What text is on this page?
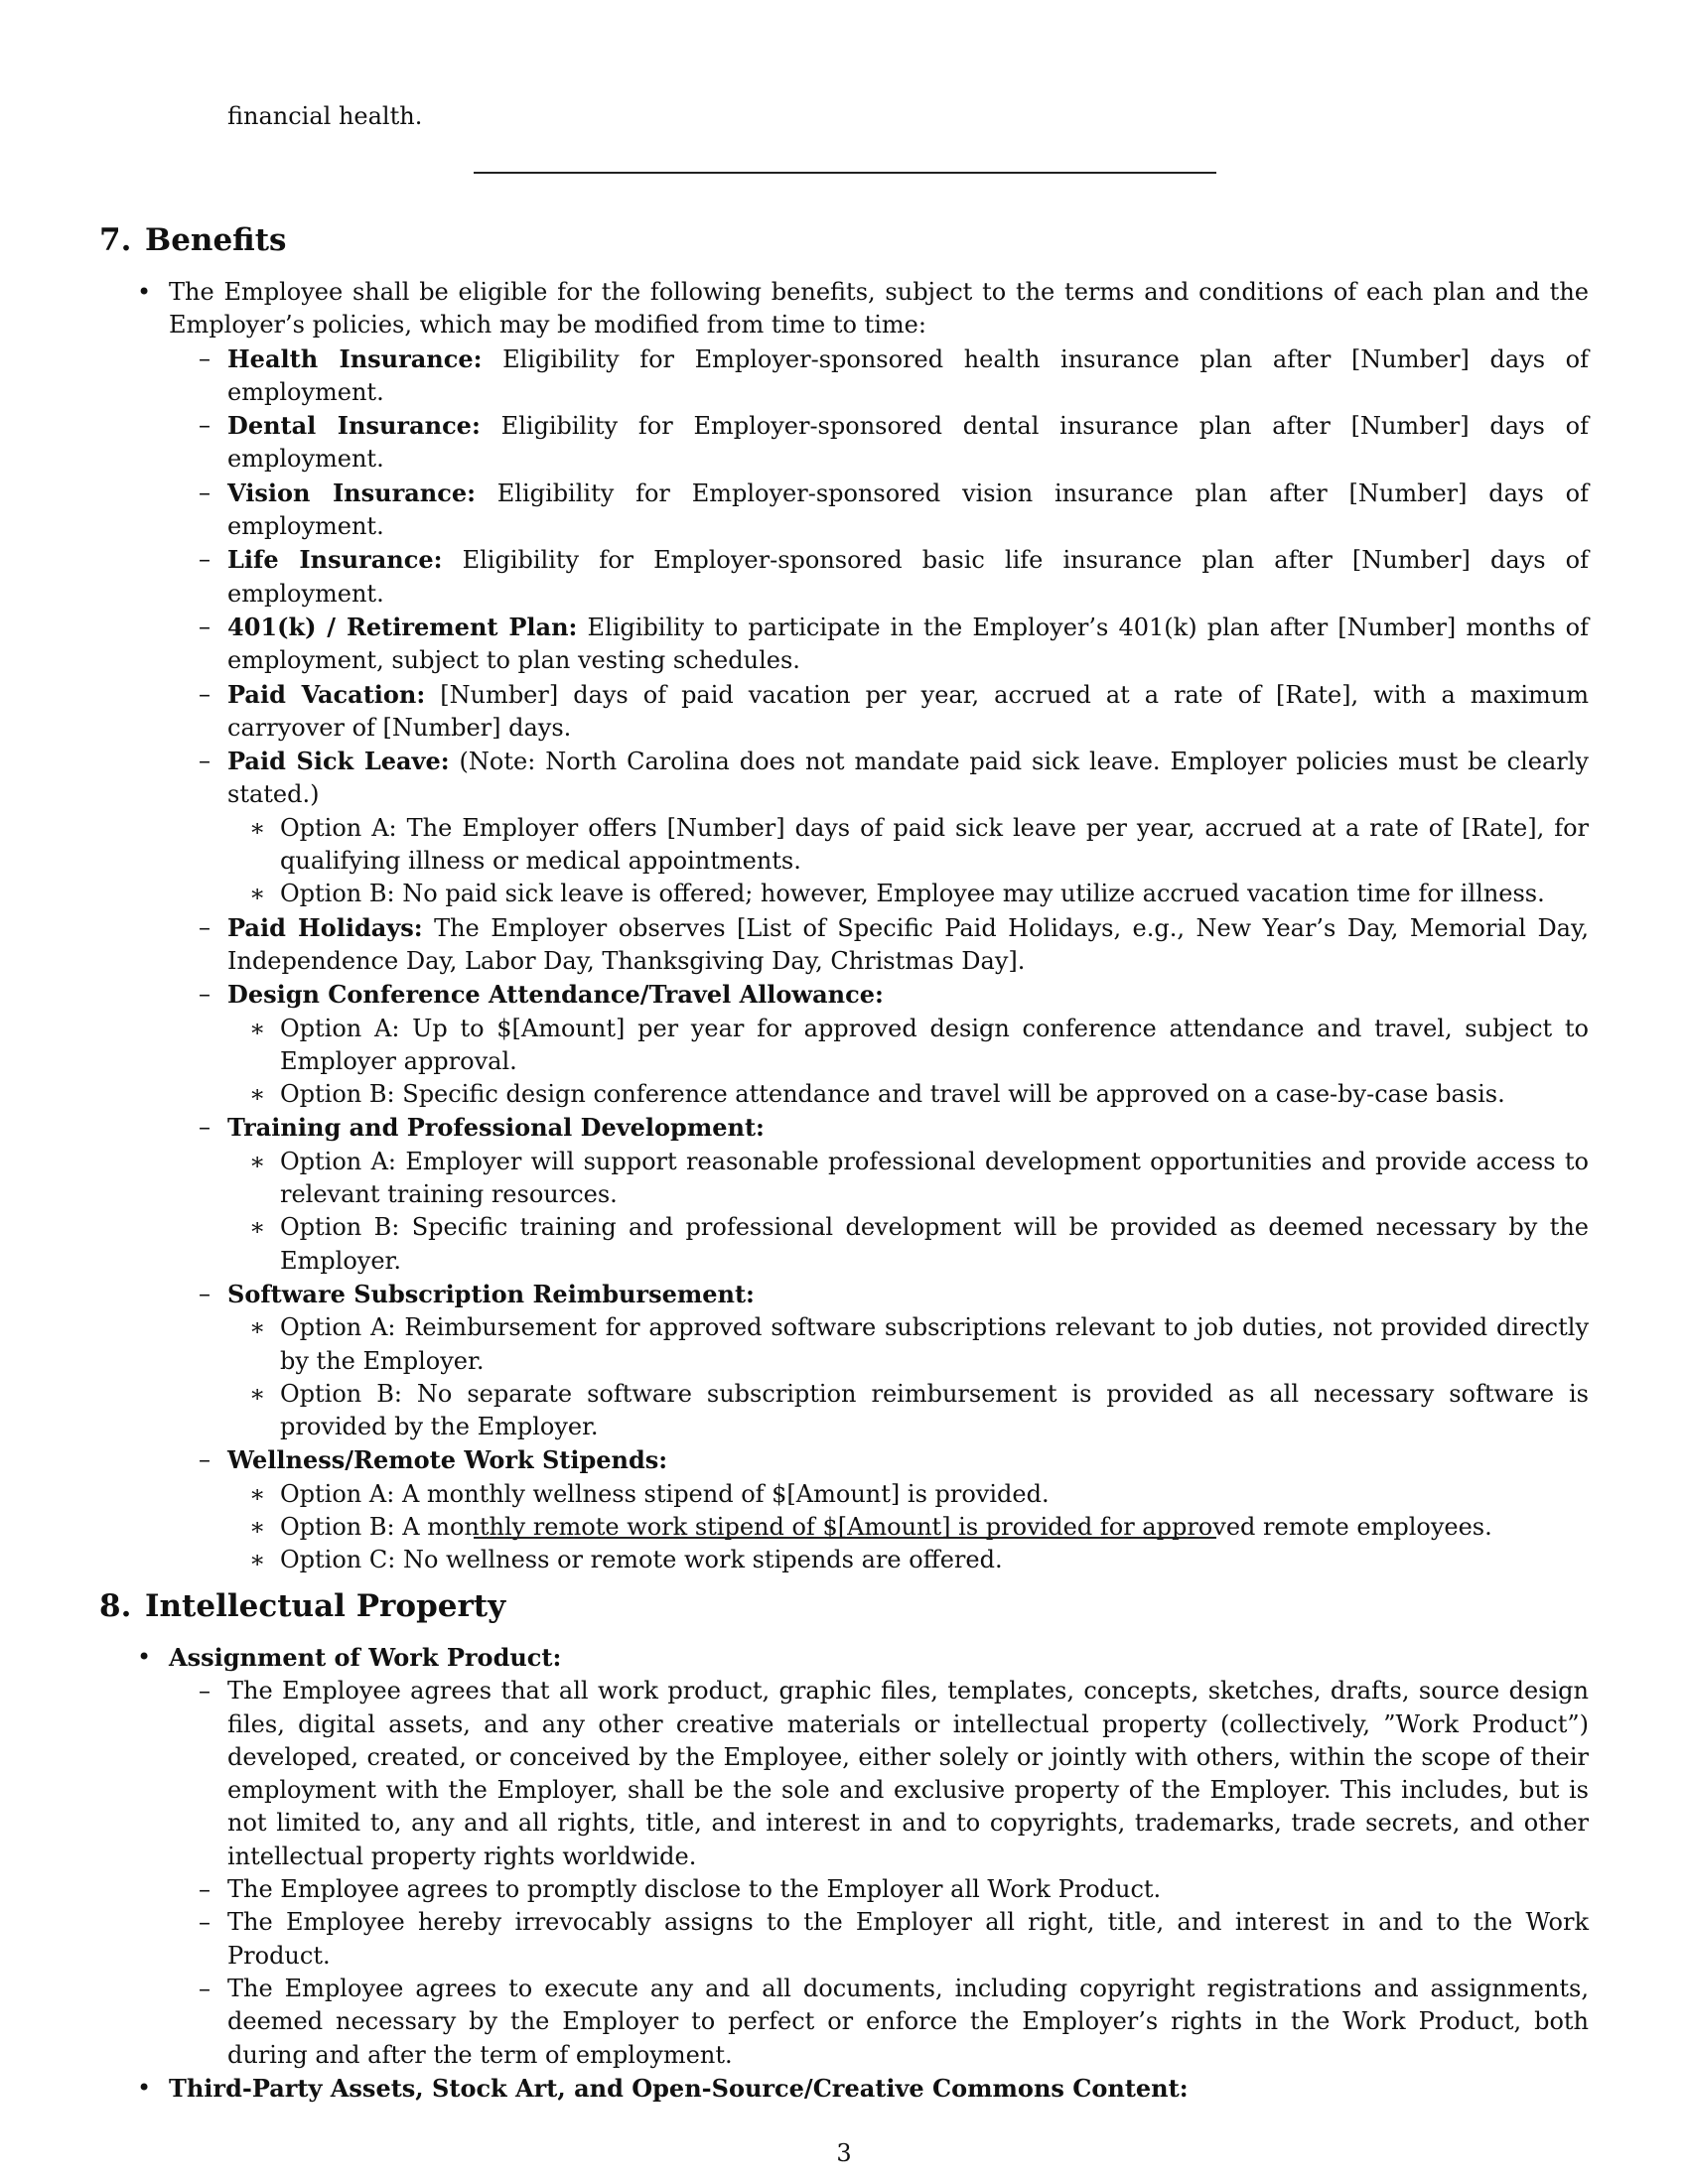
financial health.
7. Benefits
• The Employee shall be eligible for the following benefits, subject to the terms and conditions of each plan and the Employer’s policies, which may be modified from time to time:
– Health Insurance: Eligibility for Employer-sponsored health insurance plan after [Number] days of employment.
– Dental Insurance: Eligibility for Employer-sponsored dental insurance plan after [Number] days of employment.
– Vision Insurance: Eligibility for Employer-sponsored vision insurance plan after [Number] days of employment.
– Life Insurance: Eligibility for Employer-sponsored basic life insurance plan after [Number] days of employment.
– 401(k) / Retirement Plan: Eligibility to participate in the Employer’s 401(k) plan after [Number] months of employment, subject to plan vesting schedules.
– Paid Vacation: [Number] days of paid vacation per year, accrued at a rate of [Rate], with a maximum carryover of [Number] days.
– Paid Sick Leave: (Note: North Carolina does not mandate paid sick leave. Employer policies must be clearly stated.)
∗ Option A: The Employer offers [Number] days of paid sick leave per year, accrued at a rate of [Rate], for qualifying illness or medical appointments.
∗ Option B: No paid sick leave is offered; however, Employee may utilize accrued vacation time for illness.
– Paid Holidays: The Employer observes [List of Specific Paid Holidays, e.g., New Year’s Day, Memorial Day, Independence Day, Labor Day, Thanksgiving Day, Christmas Day].
– Design Conference Attendance/Travel Allowance:
∗ Option A: Up to $[Amount] per year for approved design conference attendance and travel, subject to Employer approval.
∗ Option B: Specific design conference attendance and travel will be approved on a case-by-case basis.
– Training and Professional Development:
∗ Option A: Employer will support reasonable professional development opportunities and provide access to relevant training resources.
∗ Option B: Specific training and professional development will be provided as deemed necessary by the Employer.
– Software Subscription Reimbursement:
∗ Option A: Reimbursement for approved software subscriptions relevant to job duties, not provided directly by the Employer.
∗ Option B: No separate software subscription reimbursement is provided as all necessary software is provided by the Employer.
– Wellness/Remote Work Stipends:
∗ Option A: A monthly wellness stipend of $[Amount] is provided.
∗ Option B: A monthly remote work stipend of $[Amount] is provided for approved remote employees.
∗ Option C: No wellness or remote work stipends are offered.
8. Intellectual Property
• Assignment of Work Product:
– The Employee agrees that all work product, graphic files, templates, concepts, sketches, drafts, source design files, digital assets, and any other creative materials or intellectual property (collectively, ”Work Product”) developed, created, or conceived by the Employee, either solely or jointly with others, within the scope of their employment with the Employer, shall be the sole and exclusive property of the Employer. This includes, but is not limited to, any and all rights, title, and interest in and to copyrights, trademarks, trade secrets, and other intellectual property rights worldwide.
– The Employee agrees to promptly disclose to the Employer all Work Product.
– The Employee hereby irrevocably assigns to the Employer all right, title, and interest in and to the Work Product.
– The Employee agrees to execute any and all documents, including copyright registrations and assignments, deemed necessary by the Employer to perfect or enforce the Employer’s rights in the Work Product, both during and after the term of employment.
• Third-Party Assets, Stock Art, and Open-Source/Creative Commons Content:
3
